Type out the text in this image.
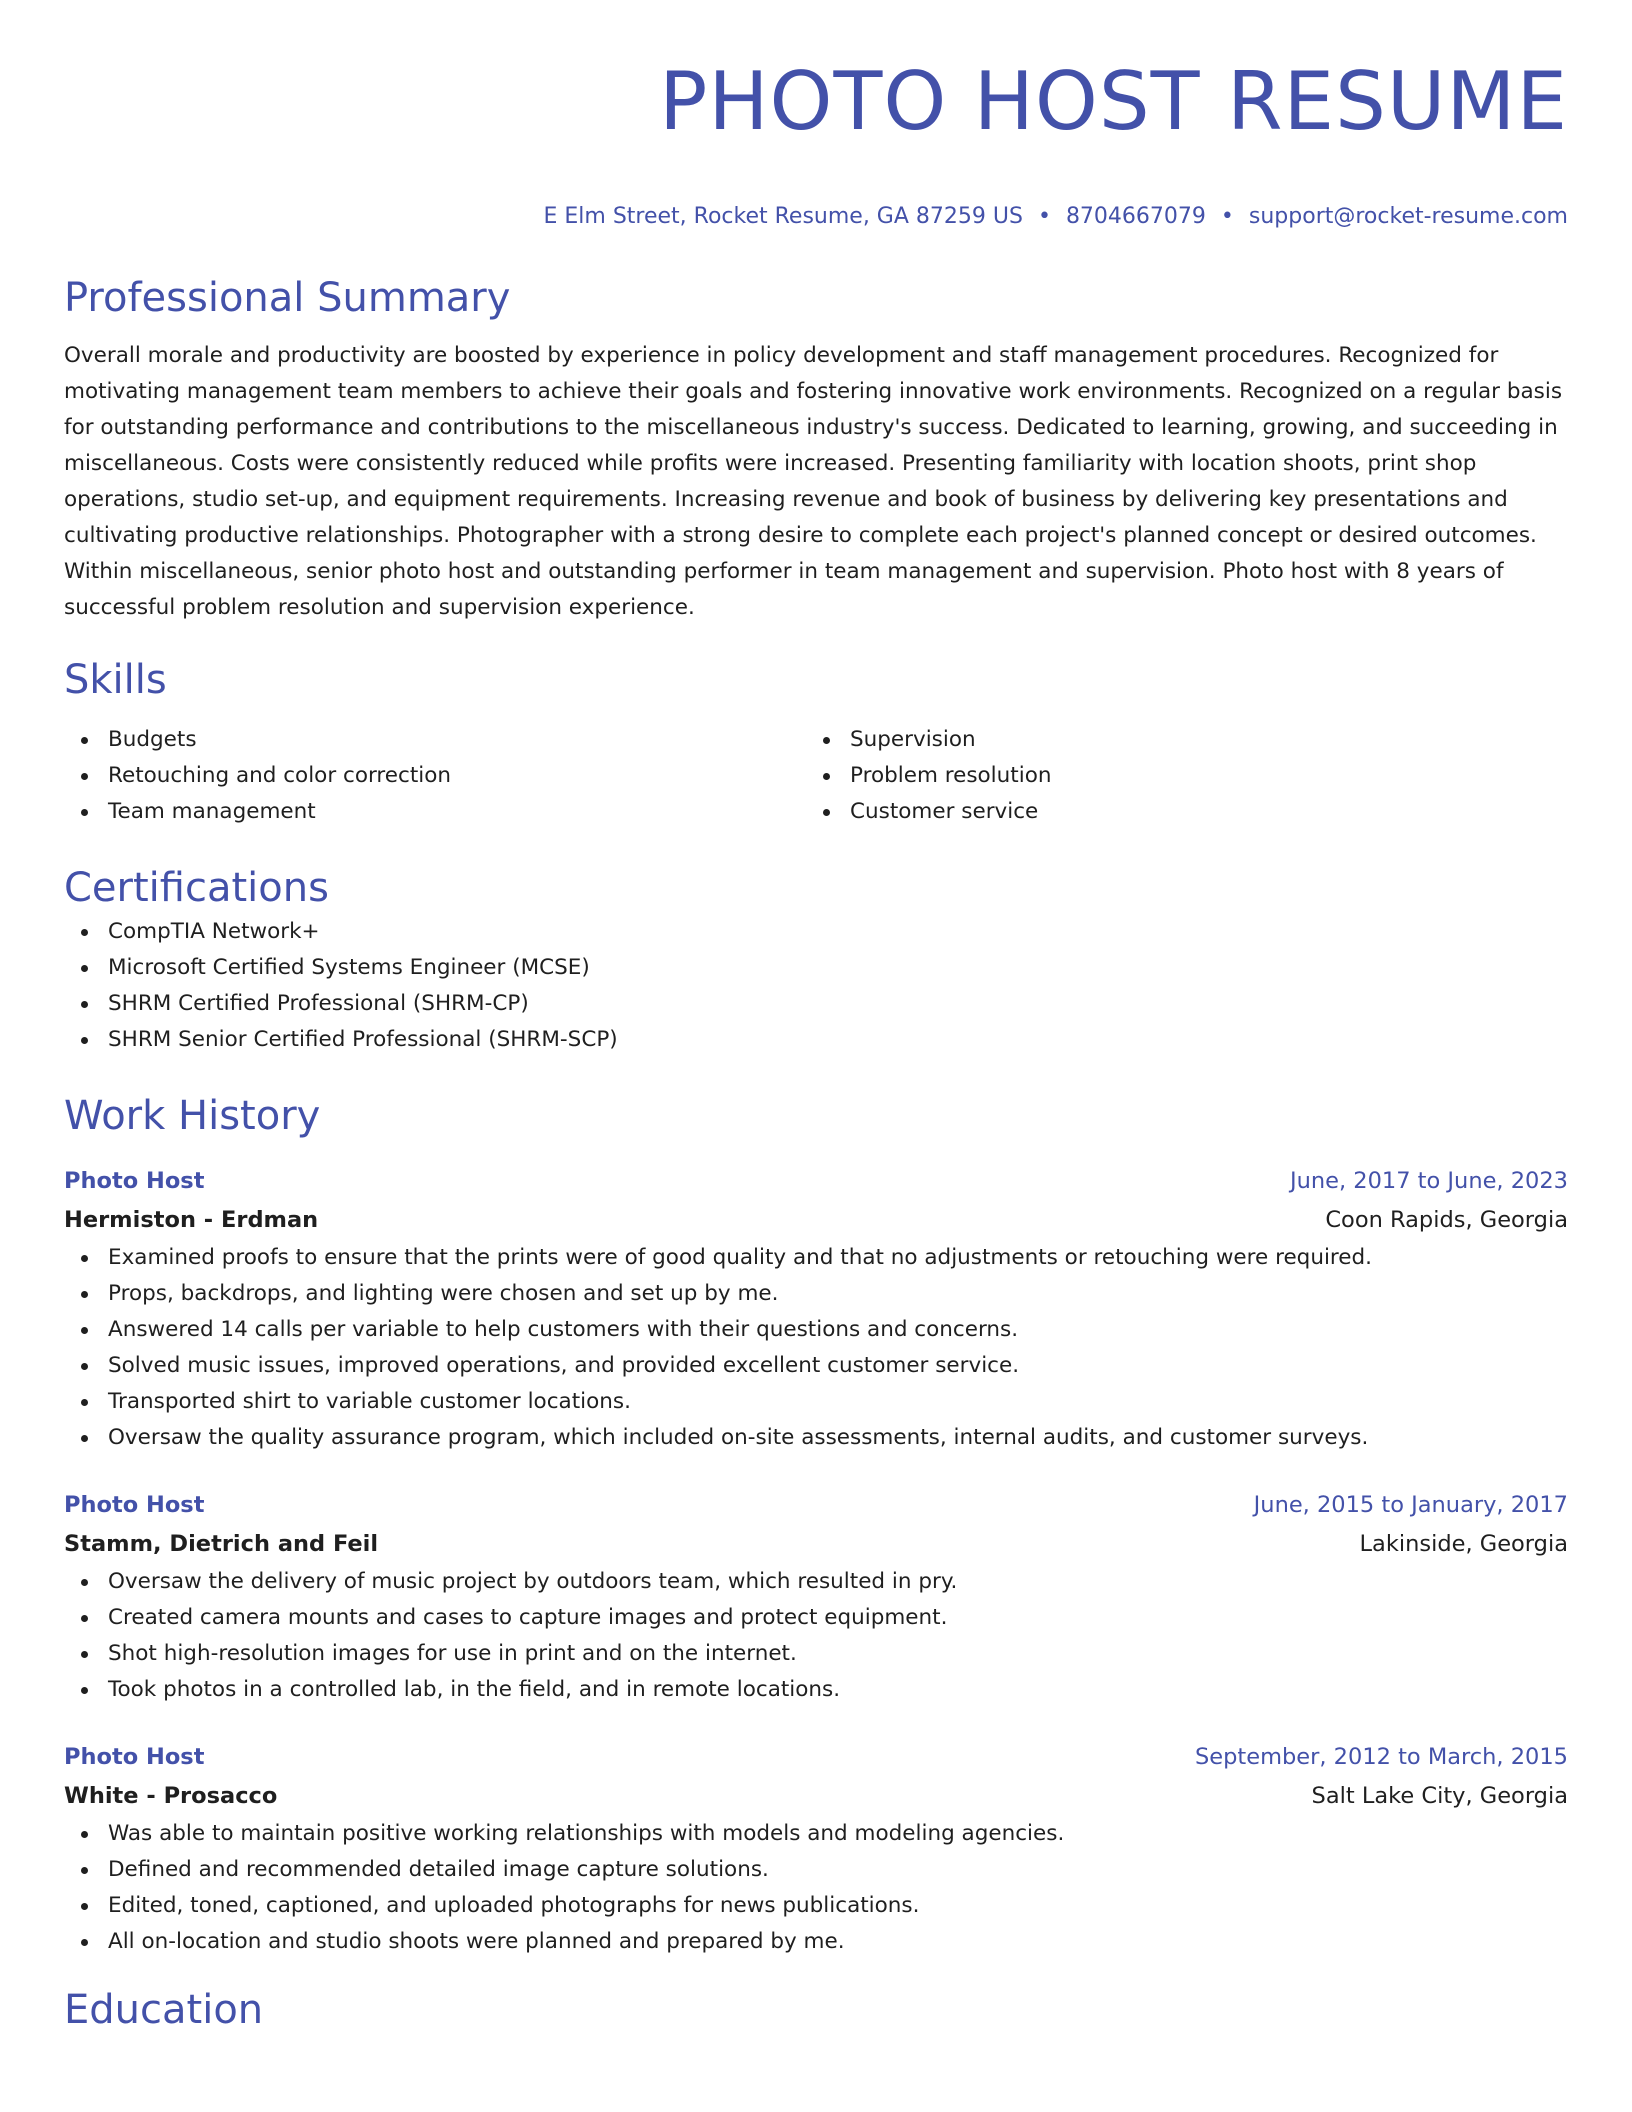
PHOTO HOST RESUME
E Elm Street, Rocket Resume, GA 87259 US • 8704667079 • support@rocket-resume.com
Professional Summary
Overall morale and productivity are boosted by experience in policy development and staff management procedures. Recognized for motivating management team members to achieve their goals and fostering innovative work environments. Recognized on a regular basis for outstanding performance and contributions to the miscellaneous industry's success. Dedicated to learning, growing, and succeeding in miscellaneous. Costs were consistently reduced while profits were increased. Presenting familiarity with location shoots, print shop operations, studio set-up, and equipment requirements. Increasing revenue and book of business by delivering key presentations and cultivating productive relationships. Photographer with a strong desire to complete each project's planned concept or desired outcomes. Within miscellaneous, senior photo host and outstanding performer in team management and supervision. Photo host with 8 years of successful problem resolution and supervision experience.
Skills
Budgets
Retouching and color correction
Team management
Supervision
Problem resolution
Customer service
Certifications
CompTIA Network+
Microsoft Certified Systems Engineer (MCSE)
SHRM Certified Professional (SHRM-CP)
SHRM Senior Certified Professional (SHRM-SCP)
Work History
Photo Host	June, 2017 to June, 2023
Hermiston - Erdman	Coon Rapids, Georgia
Examined proofs to ensure that the prints were of good quality and that no adjustments or retouching were required.
Props, backdrops, and lighting were chosen and set up by me.
Answered 14 calls per variable to help customers with their questions and concerns.
Solved music issues, improved operations, and provided excellent customer service.
Transported shirt to variable customer locations.
Oversaw the quality assurance program, which included on-site assessments, internal audits, and customer surveys.
Photo Host	June, 2015 to January, 2017
Stamm, Dietrich and Feil	Lakinside, Georgia
Oversaw the delivery of music project by outdoors team, which resulted in pry.
Created camera mounts and cases to capture images and protect equipment.
Shot high-resolution images for use in print and on the internet.
Took photos in a controlled lab, in the field, and in remote locations.
Photo Host	September, 2012 to March, 2015
White - Prosacco	Salt Lake City, Georgia
Was able to maintain positive working relationships with models and modeling agencies.
Defined and recommended detailed image capture solutions.
Edited, toned, captioned, and uploaded photographs for news publications.
All on-location and studio shoots were planned and prepared by me.
Education
